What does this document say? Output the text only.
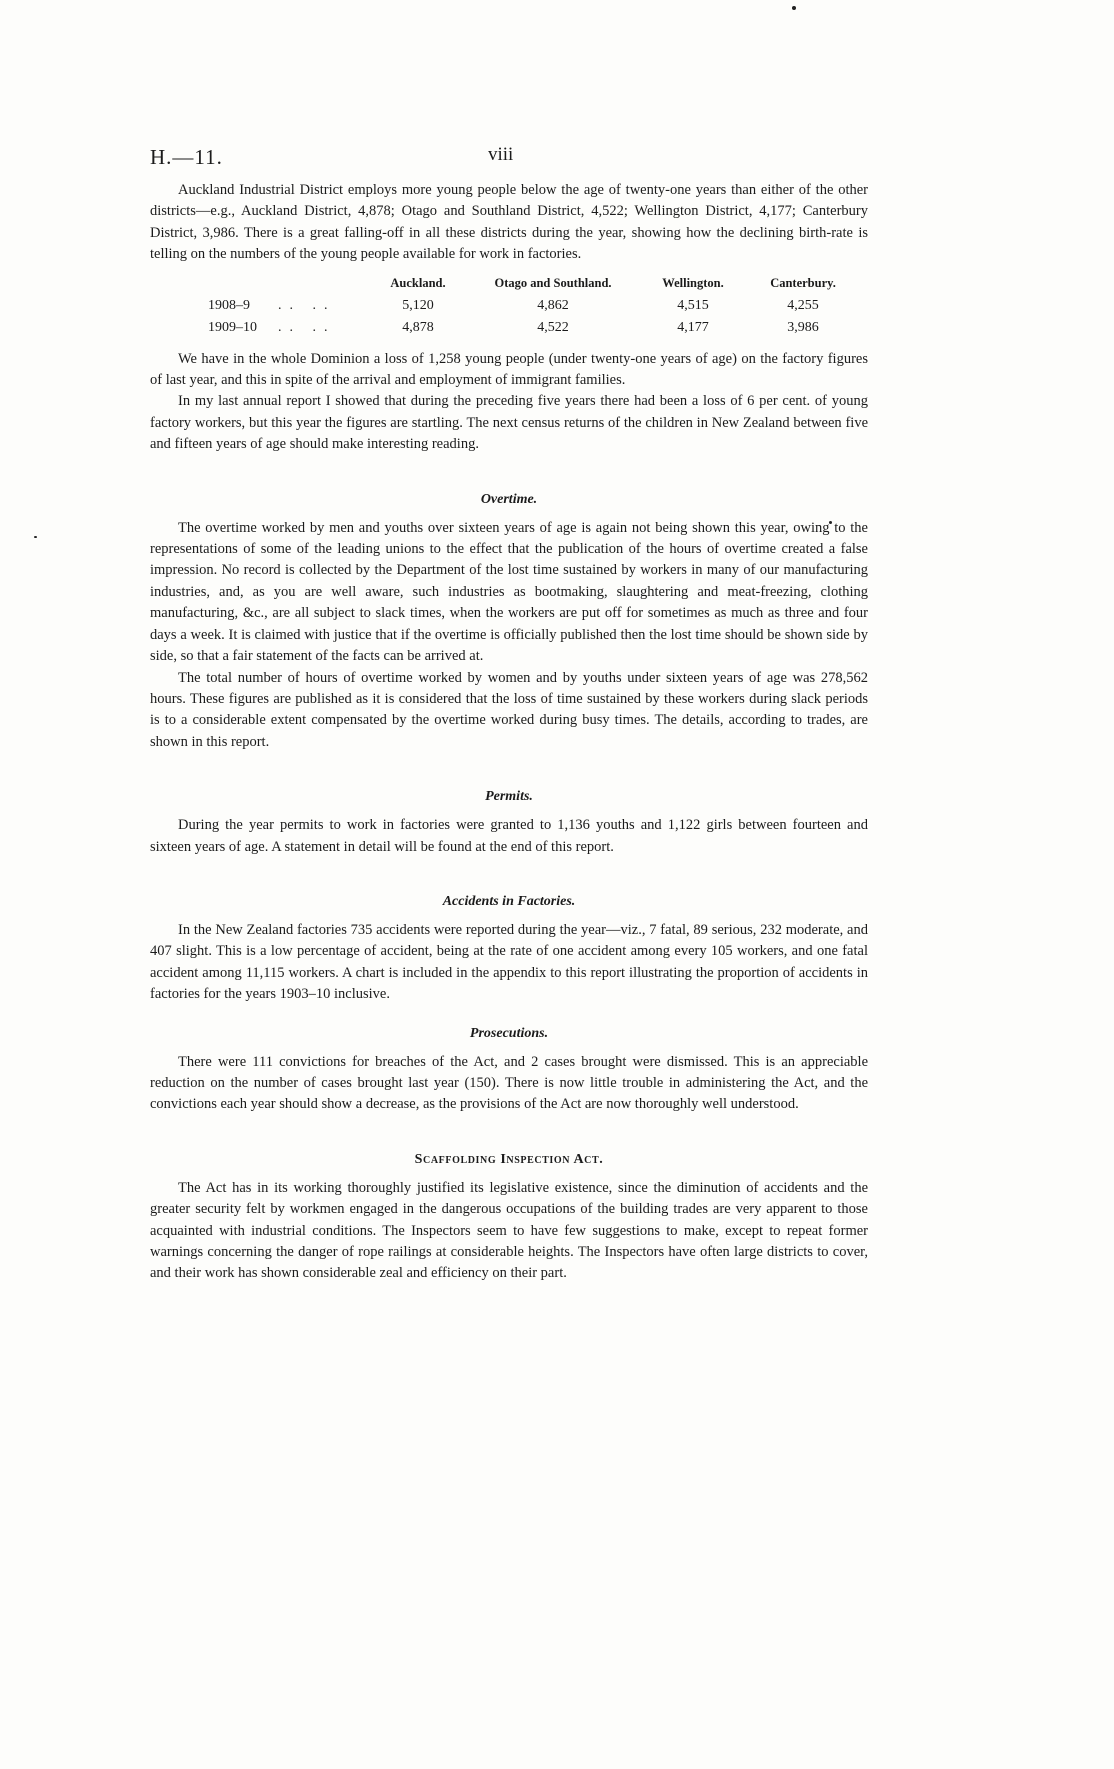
H.—11.	viii

Auckland Industrial District employs more young people below the age of twenty-one years than either of the other districts—e.g., Auckland District, 4,878; Otago and Southland District, 4,522; Wellington District, 4,177; Canterbury District, 3,986. There is a great falling-off in all these districts during the year, showing how the declining birth-rate is telling on the numbers of the young people available for work in factories.

		Auckland.	Otago and Southland.	Wellington.	Canterbury.
1908–9	.. ..	5,120	4,862	4,515	4,255
1909–10	.. ..	4,878	4,522	4,177	3,986

We have in the whole Dominion a loss of 1,258 young people (under twenty-one years of age) on the factory figures of last year, and this in spite of the arrival and employment of immigrant families.

In my last annual report I showed that during the preceding five years there had been a loss of 6 per cent. of young factory workers, but this year the figures are startling. The next census returns of the children in New Zealand between five and fifteen years of age should make interesting reading.

Overtime.

The overtime worked by men and youths over sixteen years of age is again not being shown this year, owing to the representations of some of the leading unions to the effect that the publication of the hours of overtime created a false impression. No record is collected by the Department of the lost time sustained by workers in many of our manufacturing industries, and, as you are well aware, such industries as bootmaking, slaughtering and meat-freezing, clothing manufacturing, &c., are all subject to slack times, when the workers are put off for sometimes as much as three and four days a week. It is claimed with justice that if the overtime is officially published then the lost time should be shown side by side, so that a fair statement of the facts can be arrived at.

The total number of hours of overtime worked by women and by youths under sixteen years of age was 278,562 hours. These figures are published as it is considered that the loss of time sustained by these workers during slack periods is to a considerable extent compensated by the overtime worked during busy times. The details, according to trades, are shown in this report.

Permits.

During the year permits to work in factories were granted to 1,136 youths and 1,122 girls between fourteen and sixteen years of age. A statement in detail will be found at the end of this report.

Accidents in Factories.

In the New Zealand factories 735 accidents were reported during the year—viz., 7 fatal, 89 serious, 232 moderate, and 407 slight. This is a low percentage of accident, being at the rate of one accident among every 105 workers, and one fatal accident among 11,115 workers. A chart is included in the appendix to this report illustrating the proportion of accidents in factories for the years 1903–10 inclusive.

Prosecutions.

There were 111 convictions for breaches of the Act, and 2 cases brought were dismissed. This is an appreciable reduction on the number of cases brought last year (150). There is now little trouble in administering the Act, and the convictions each year should show a decrease, as the provisions of the Act are now thoroughly well understood.

Scaffolding Inspection Act.

The Act has in its working thoroughly justified its legislative existence, since the diminution of accidents and the greater security felt by workmen engaged in the dangerous occupations of the building trades are very apparent to those acquainted with industrial conditions. The Inspectors seem to have few suggestions to make, except to repeat former warnings concerning the danger of rope railings at considerable heights. The Inspectors have often large districts to cover, and their work has shown considerable zeal and efficiency on their part.
